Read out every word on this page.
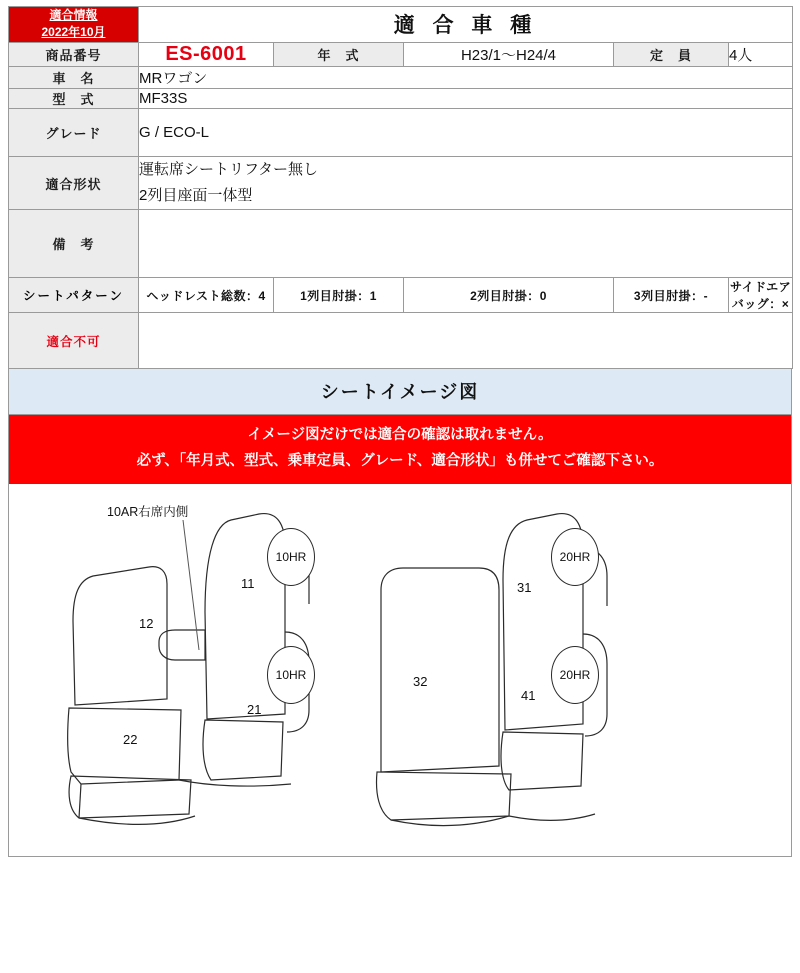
適合情報
2022年10月	適 合 車 種				
商品番号	ES-6001	年　式	H23/1〜H24/4	定　員	4人
車　名	MRワゴン				
型　式	MF33S				
グレード	G / ECO-L				
適合形状	運転席シートリフター無し
2列目座面一体型				

備　考					
シートパターン	ヘッドレスト総数：4	1列目肘掛：1	2列目肘掛：0	3列目肘掛：-	サイドエアバッグ：×
適合不可					
シートイメージ図
イメージ図だけでは適合の確認は取れません。
必ず、「年月式、型式、乗車定員、グレード、適合形状」も併せてご確認下さい。
10HR
10HR
20HR
20HR
11
12
21
22
31
32
41
10AR右席内側
